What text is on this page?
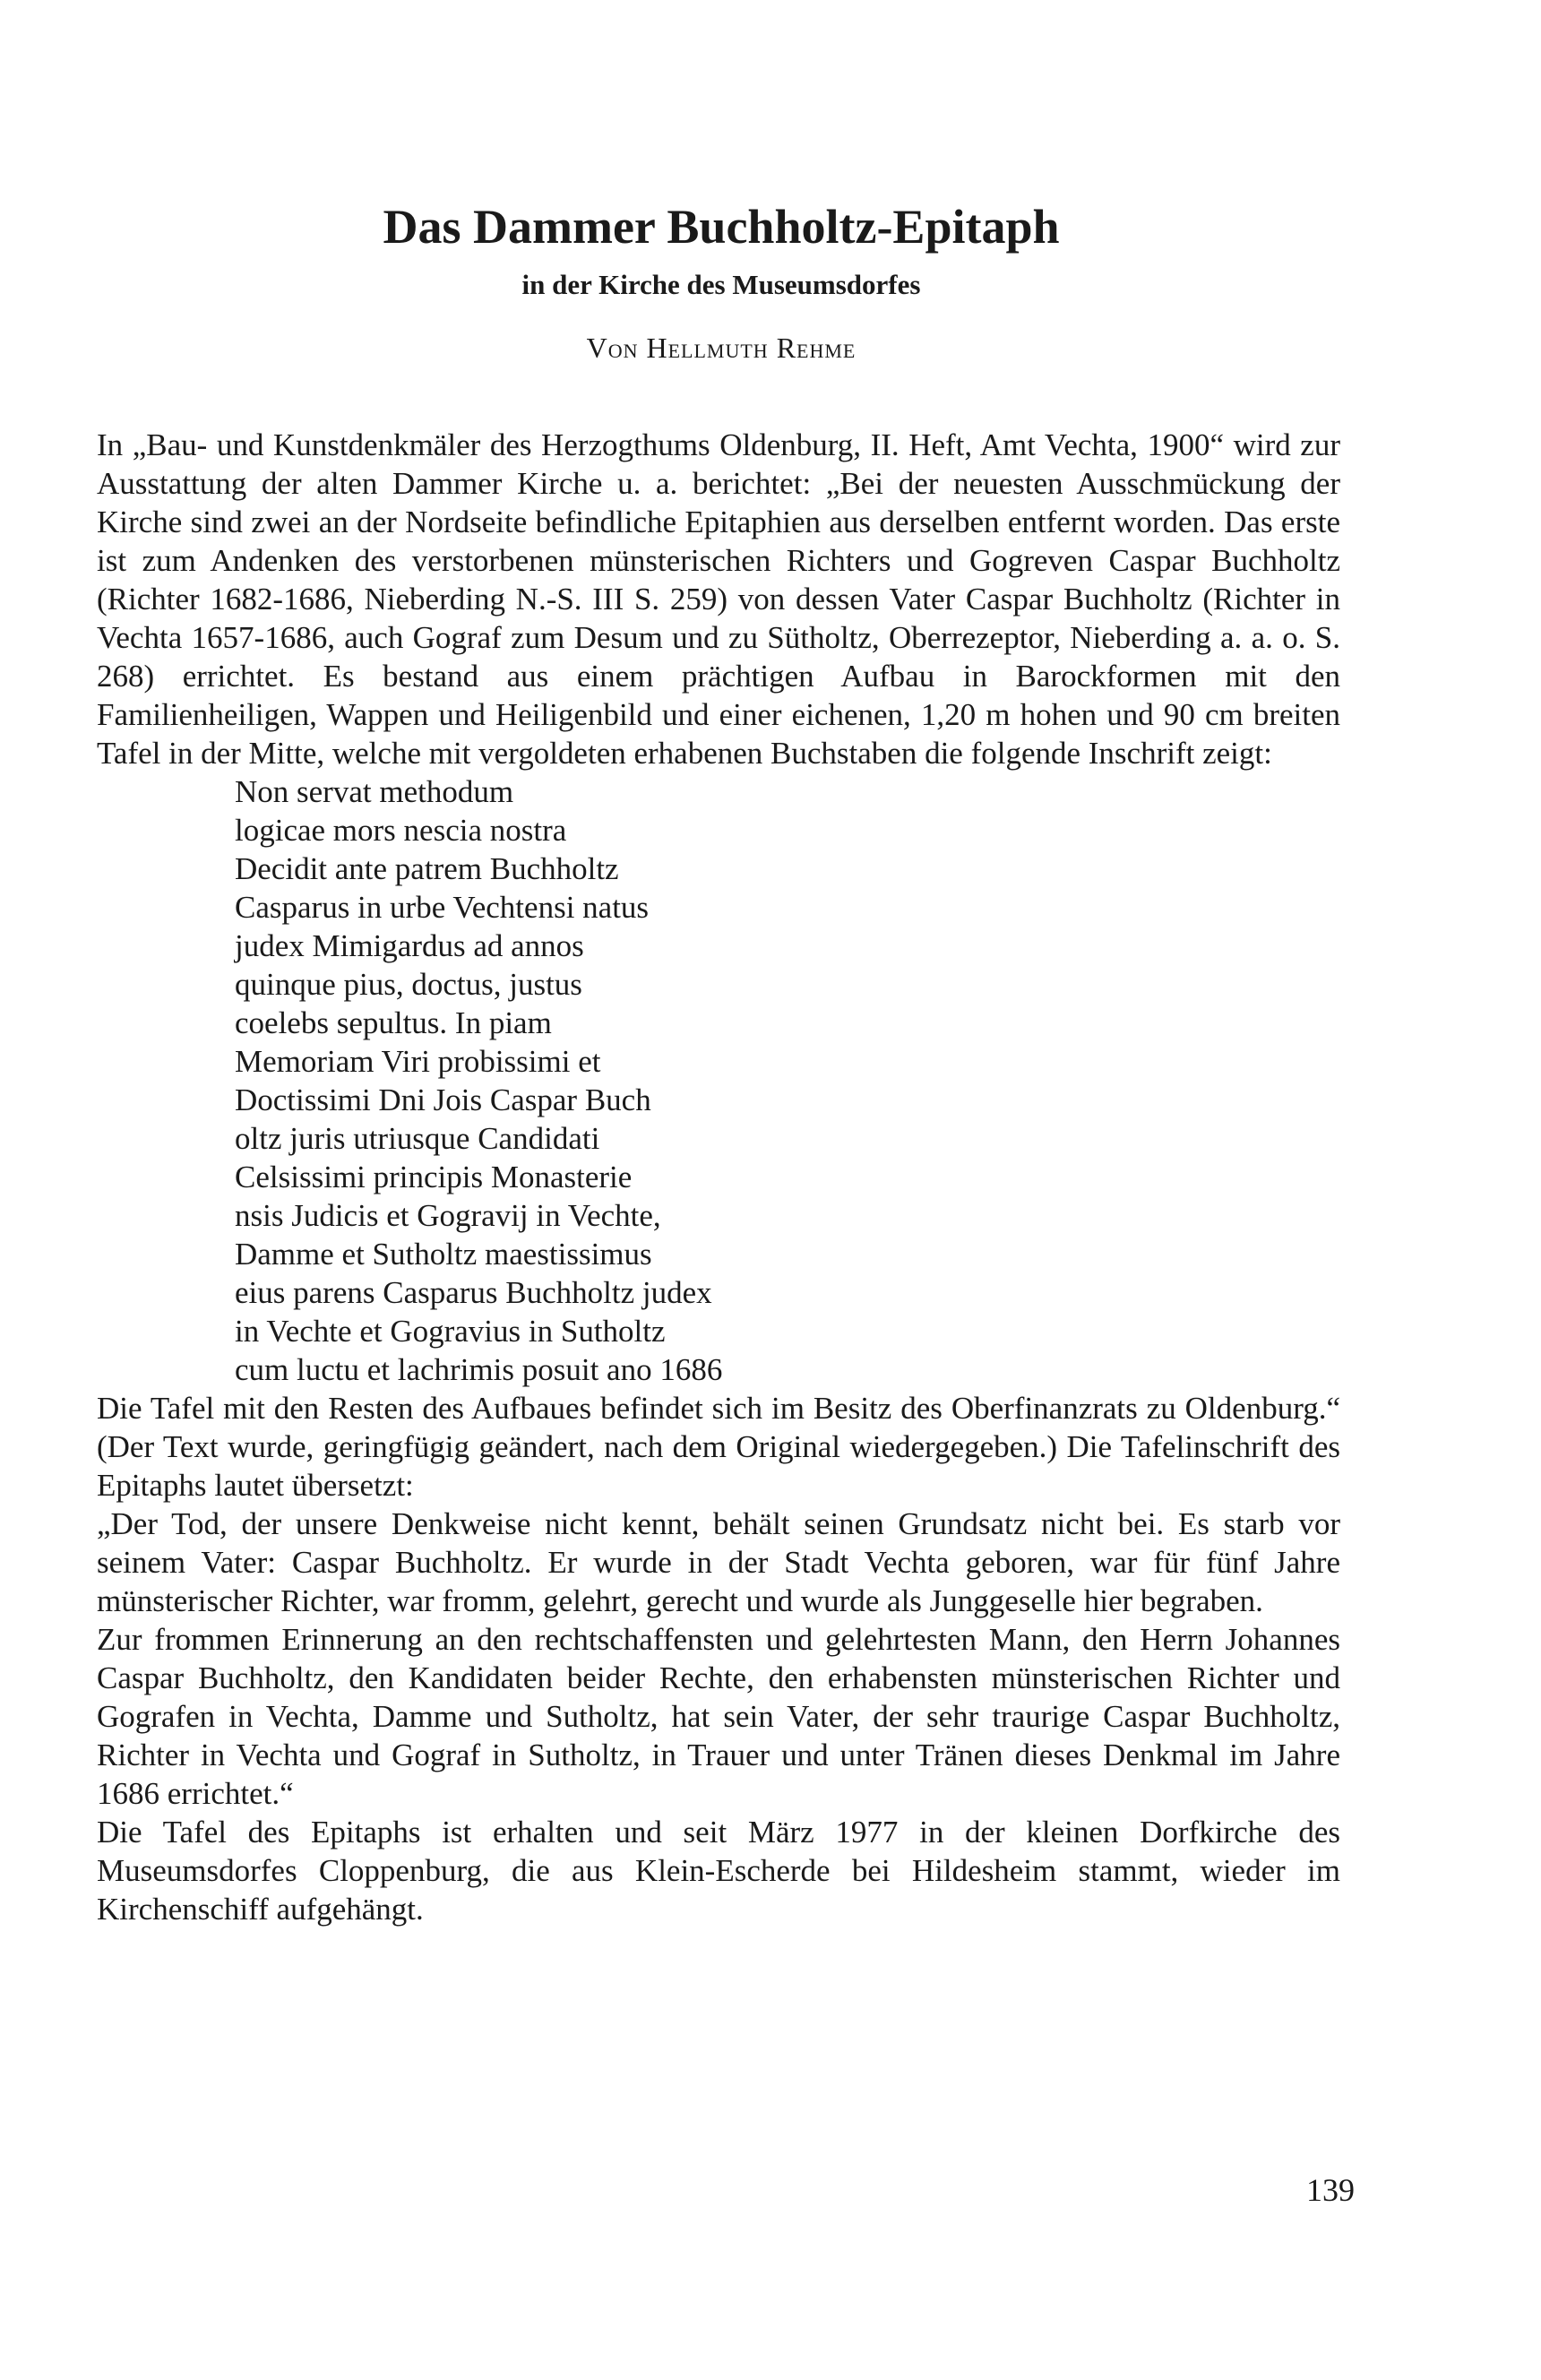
Das Dammer Buchholtz-Epitaph
in der Kirche des Museumsdorfes

Von Hellmuth Rehme

In „Bau- und Kunstdenkmäler des Herzogthums Oldenburg, II. Heft, Amt Vechta, 1900“ wird zur Ausstattung der alten Dammer Kirche u. a. berichtet: „Bei der neuesten Ausschmückung der Kirche sind zwei an der Nordseite befindliche Epitaphien aus derselben entfernt worden. Das erste ist zum Andenken des verstorbenen münsterischen Richters und Gogreven Caspar Buchholtz (Richter 1682-1686, Nieberding N.-S. III S. 259) von dessen Vater Caspar Buchholtz (Richter in Vechta 1657-1686, auch Gograf zum Desum und zu Sütholtz, Oberrezeptor, Nieberding a. a. o. S. 268) errichtet. Es bestand aus einem prächtigen Aufbau in Barockformen mit den Familienheiligen, Wappen und Heiligenbild und einer eichenen, 1,20 m hohen und 90 cm breiten Tafel in der Mitte, welche mit vergoldeten erhabenen Buchstaben die folgende Inschrift zeigt:

Non servat methodum
logicae mors nescia nostra
Decidit ante patrem Buchholtz
Casparus in urbe Vechtensi natus
judex Mimigardus ad annos
quinque pius, doctus, justus
coelebs sepultus. In piam
Memoriam Viri probissimi et
Doctissimi Dni Jois Caspar Buch
oltz juris utriusque Candidati
Celsissimi principis Monasterie
nsis Judicis et Gogravij in Vechte,
Damme et Sutholtz maestissimus
eius parens Casparus Buchholtz judex
in Vechte et Gogravius in Sutholtz
cum luctu et lachrimis posuit ano 1686

Die Tafel mit den Resten des Aufbaues befindet sich im Besitz des Oberfinanzrats zu Oldenburg.“ (Der Text wurde, geringfügig geändert, nach dem Original wiedergegeben.) Die Tafelinschrift des Epitaphs lautet übersetzt:

„Der Tod, der unsere Denkweise nicht kennt, behält seinen Grundsatz nicht bei. Es starb vor seinem Vater: Caspar Buchholtz. Er wurde in der Stadt Vechta geboren, war für fünf Jahre münsterischer Richter, war fromm, gelehrt, gerecht und wurde als Junggeselle hier begraben.

Zur frommen Erinnerung an den rechtschaffensten und gelehrtesten Mann, den Herrn Johannes Caspar Buchholtz, den Kandidaten beider Rechte, den erhabensten münsterischen Richter und Gografen in Vechta, Damme und Sutholtz, hat sein Vater, der sehr traurige Caspar Buchholtz, Richter in Vechta und Gograf in Sutholtz, in Trauer und unter Tränen dieses Denkmal im Jahre 1686 errichtet.“

Die Tafel des Epitaphs ist erhalten und seit März 1977 in der kleinen Dorfkirche des Museumsdorfes Cloppenburg, die aus Klein-Escherde bei Hildesheim stammt, wieder im Kirchenschiff aufgehängt.

139
